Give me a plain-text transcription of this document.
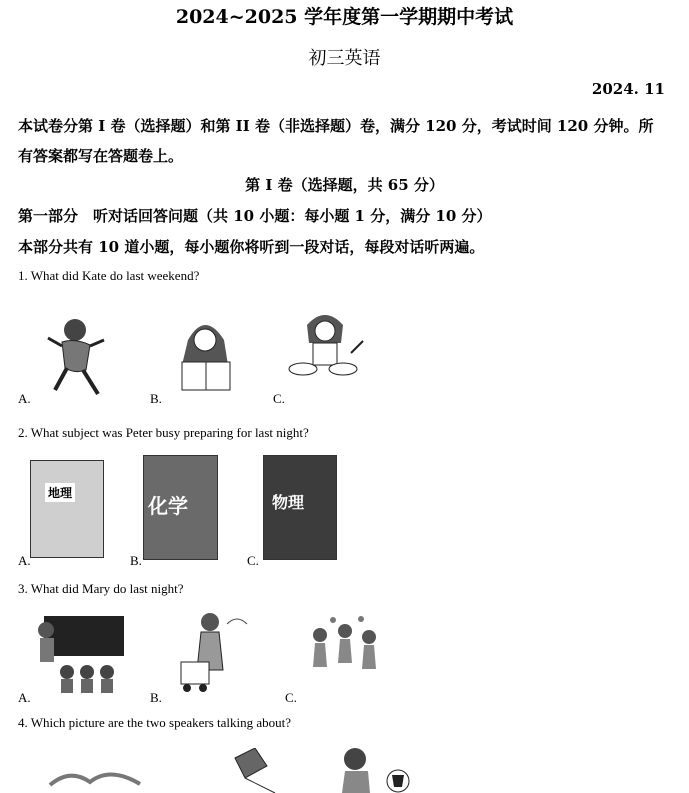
2024~2025 学年度第一学期期中考试
初三英语
2024. 11
本试卷分第 I 卷（选择题）和第 II 卷（非选择题）卷，满分 120 分，考试时间 120 分钟。所
有答案都写在答题卷上。
第 I 卷（选择题，共 65 分）
第一部分　听对话回答问题（共 10 小题：每小题 1 分，满分 10 分）
本部分共有 10 道小题，每小题你将听到一段对话，每段对话听两遍。
1. What did Kate do last weekend?
A.	B.	C.
2. What subject was Peter busy preparing for last night?
地理
化学	物理
A.	B.	C.
3. What did Mary do last night?
A.	B.	C.
4. Which picture are the two speakers talking about?
